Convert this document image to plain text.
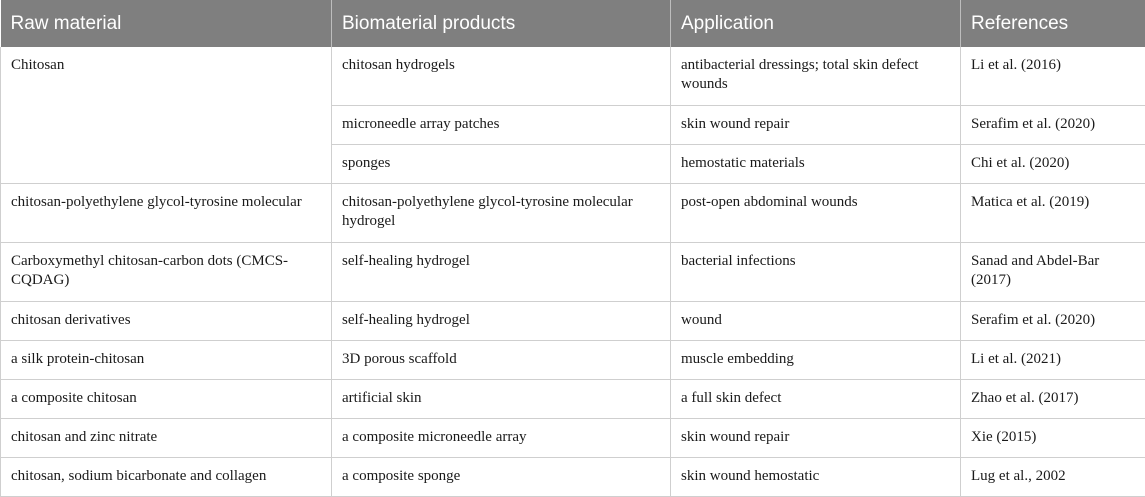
Raw material	Biomaterial products	Application	References
Chitosan	chitosan hydrogels	antibacterial dressings; total skin defect wounds	Li et al. (2016)
	microneedle array patches	skin wound repair	Serafim et al. (2020)
	sponges	hemostatic materials	Chi et al. (2020)
chitosan-polyethylene glycol-tyrosine molecular	chitosan-polyethylene glycol-tyrosine molecular hydrogel	post-open abdominal wounds	Matica et al. (2019)
Carboxymethyl chitosan-carbon dots (CMCS-CQDAG)	self-healing hydrogel	bacterial infections	Sanad and Abdel-Bar (2017)
chitosan derivatives	self-healing hydrogel	wound	Serafim et al. (2020)
a silk protein-chitosan	3D porous scaffold	muscle embedding	Li et al. (2021)
a composite chitosan	artificial skin	a full skin defect	Zhao et al. (2017)
chitosan and zinc nitrate	a composite microneedle array	skin wound repair	Xie (2015)
chitosan, sodium bicarbonate and collagen	a composite sponge	skin wound hemostatic	Lug et al., 2002
